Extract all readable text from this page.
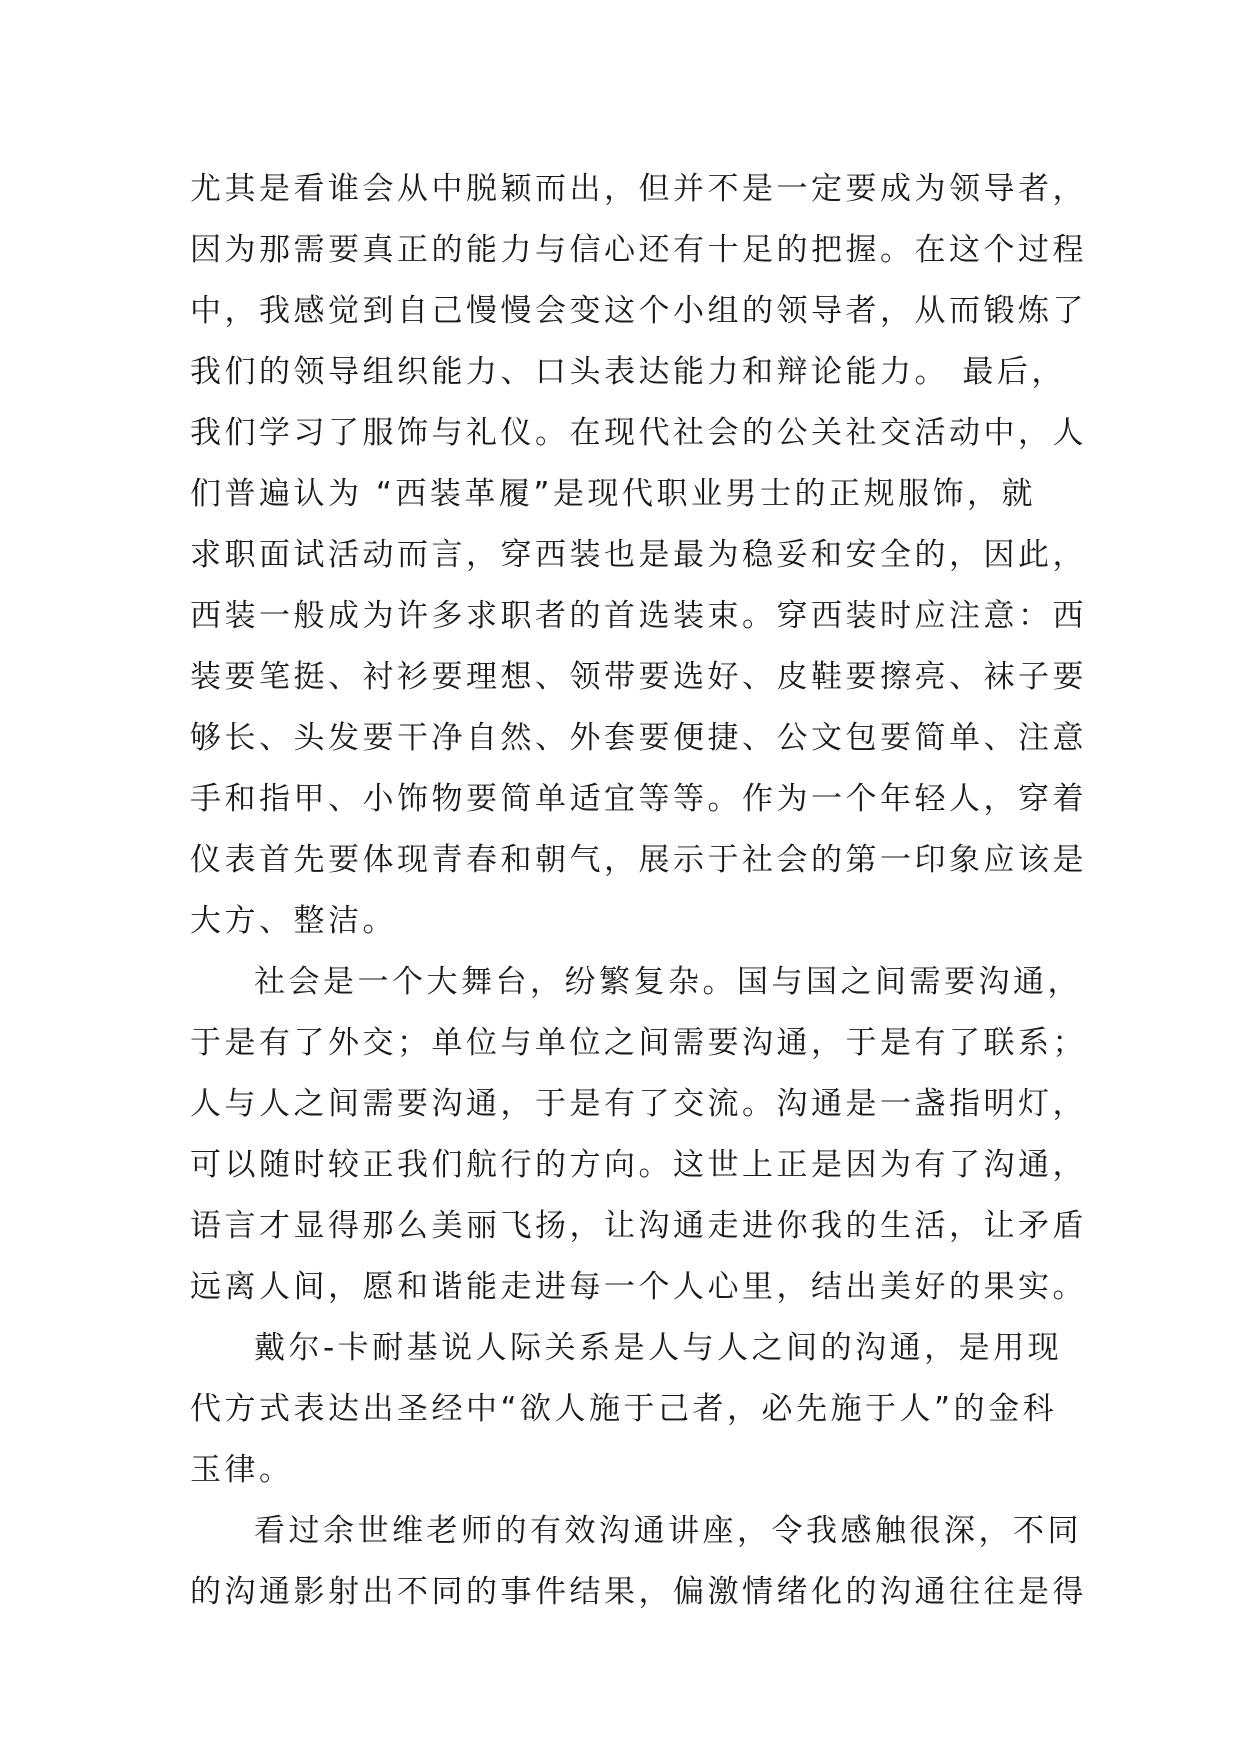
尤其是看谁会从中脱颖而出，但并不是一定要成为领导者，
因为那需要真正的能力与信心还有十足的把握。在这个过程
中，我感觉到自己慢慢会变这个小组的领导者，从而锻炼了
我们的领导组织能力、口头表达能力和辩论能力。 最后，
我们学习了服饰与礼仪。在现代社会的公关社交活动中，人
们普遍认为 “西装革履”是现代职业男士的正规服饰，就
求职面试活动而言，穿西装也是最为稳妥和安全的，因此，
西装一般成为许多求职者的首选装束。穿西装时应注意：西
装要笔挺、衬衫要理想、领带要选好、皮鞋要擦亮、袜子要
够长、头发要干净自然、外套要便捷、公文包要简单、注意
手和指甲、小饰物要简单适宜等等。作为一个年轻人，穿着
仪表首先要体现青春和朝气，展示于社会的第一印象应该是
大方、整洁。
社会是一个大舞台，纷繁复杂。国与国之间需要沟通，
于是有了外交；单位与单位之间需要沟通，于是有了联系；
人与人之间需要沟通，于是有了交流。沟通是一盏指明灯，
可以随时较正我们航行的方向。这世上正是因为有了沟通，
语言才显得那么美丽飞扬，让沟通走进你我的生活，让矛盾
远离人间，愿和谐能走进每一个人心里，结出美好的果实。
戴尔-卡耐基说人际关系是人与人之间的沟通，是用现
代方式表达出圣经中“欲人施于己者，必先施于人”的金科
玉律。
看过余世维老师的有效沟通讲座，令我感触很深，不同
的沟通影射出不同的事件结果，偏激情绪化的沟通往往是得
